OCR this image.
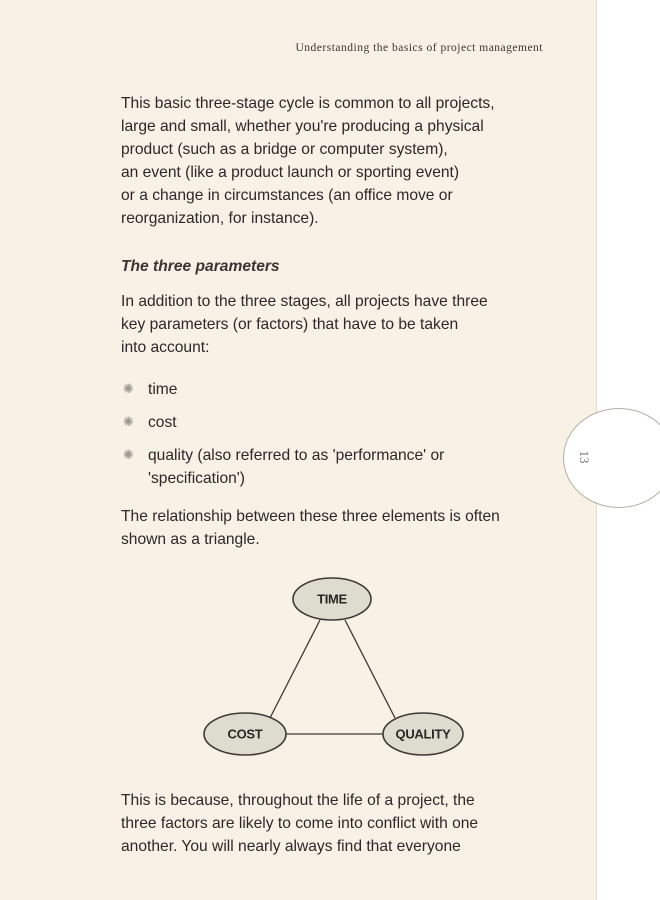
Understanding the basics of project management
This basic three-stage cycle is common to all projects,
large and small, whether you're producing a physical
product (such as a bridge or computer system),
an event (like a product launch or sporting event)
or a change in circumstances (an office move or
reorganization, for instance).
The three parameters
In addition to the three stages, all projects have three
key parameters (or factors) that have to be taken
into account:
✺ time
✺ cost
✺ quality (also referred to as 'performance' or
'specification')
The relationship between these three elements is often
shown as a triangle.
TIME
COST	QUALITY
This is because, throughout the life of a project, the
three factors are likely to come into conflict with one
another. You will nearly always find that everyone
13
